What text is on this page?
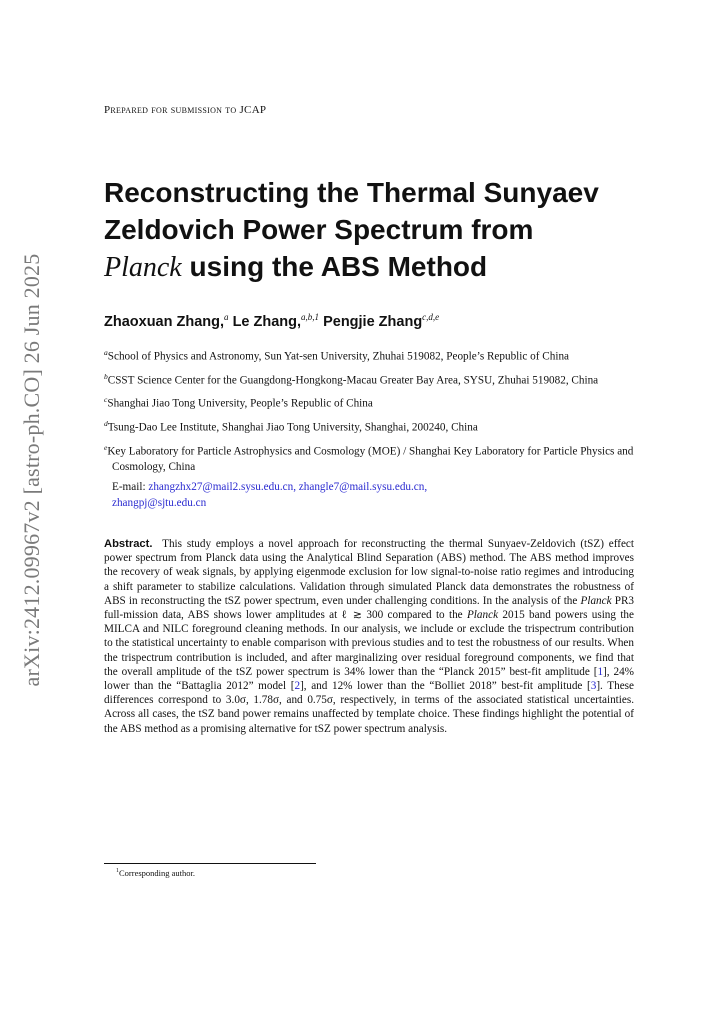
arXiv:2412.09967v2 [astro-ph.CO] 26 Jun 2025
Prepared for submission to JCAP
Reconstructing the Thermal Sunyaev
Zeldovich Power Spectrum from
Planck using the ABS Method
Zhaoxuan Zhang,$^a$ Le Zhang,$^{a,b,1}$ Pengjie Zhang$^{c,d,e}$
$^a$School of Physics and Astronomy, Sun Yat-sen University, Zhuhai 519082, People’s Republic of China
$^b$CSST Science Center for the Guangdong-Hongkong-Macau Greater Bay Area, SYSU, Zhuhai 519082, China
$^c$Shanghai Jiao Tong University, People’s Republic of China
$^d$Tsung-Dao Lee Institute, Shanghai Jiao Tong University, Shanghai, 200240, China
$^e$Key Laboratory for Particle Astrophysics and Cosmology (MOE) / Shanghai Key Laboratory for Particle Physics and Cosmology, China
E-mail: zhangzhx27@mail2.sysu.edu.cn, zhangle7@mail.sysu.edu.cn,
zhangpj@sjtu.edu.cn

Abstract. This study employs a novel approach for reconstructing the thermal Sunyaev-Zeldovich (tSZ) effect power spectrum from Planck data using the Analytical Blind Separation (ABS) method. The ABS method improves the recovery of weak signals, by applying eigenmode exclusion for low signal-to-noise ratio regimes and introducing a shift parameter to stabilize calculations. Validation through simulated Planck data demonstrates the robustness of ABS in reconstructing the tSZ power spectrum, even under challenging conditions. In the analysis of the Planck PR3 full-mission data, ABS shows lower amplitudes at ℓ ≳ 300 compared to the Planck 2015 band powers using the MILCA and NILC foreground cleaning methods. In our analysis, we include or exclude the trispectrum contribution to the statistical uncertainty to enable comparison with previous studies and to test the robustness of our results. When the trispectrum contribution is included, and after marginalizing over residual foreground components, we find that the overall amplitude of the tSZ power spectrum is 34% lower than the “Planck 2015” best-fit amplitude [1], 24% lower than the “Battaglia 2012” model [2], and 12% lower than the “Bolliet 2018” best-fit amplitude [3]. These differences correspond to 3.0σ, 1.78σ, and 0.75σ, respectively, in terms of the associated statistical uncertainties. Across all cases, the tSZ band power remains unaffected by template choice. These findings highlight the potential of the ABS method as a promising alternative for tSZ power spectrum analysis.

$^1$Corresponding author.
